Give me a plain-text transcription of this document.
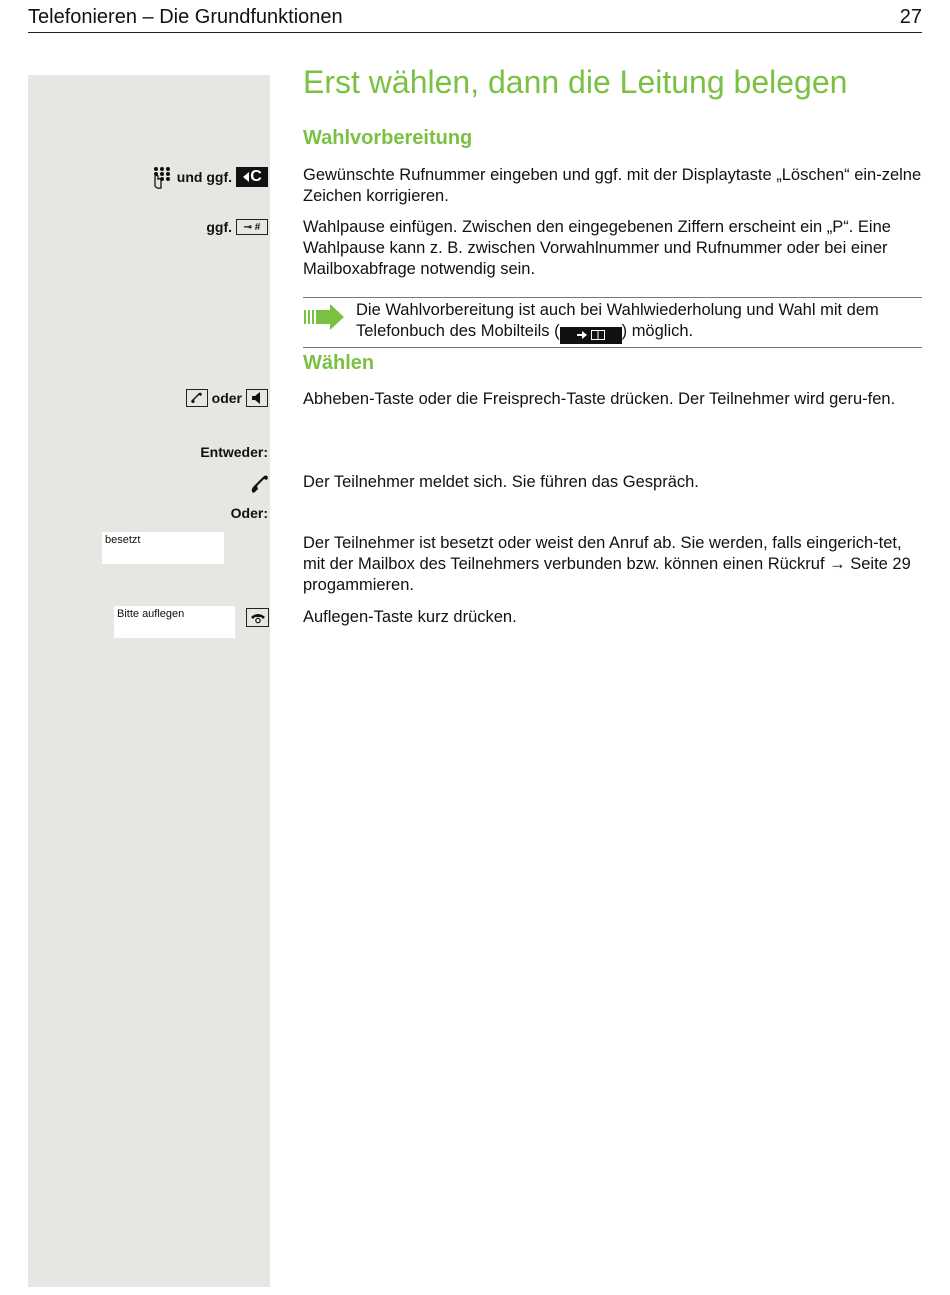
Telefonieren – Die Grundfunktionen	27
Erst wählen, dann die Leitung belegen
Wahlvorbereitung
und ggf. C Gewünschte Rufnummer eingeben und ggf. mit der Displaytaste „Löschen“ ein-zelne Zeichen korrigieren.
ggf. ⊸ #	Wahlpause einfügen. Zwischen den eingegebenen Ziffern erscheint ein „P“. Eine Wahlpause kann z. B. zwischen Vorwahlnummer und Rufnummer oder bei einer Mailboxabfrage notwendig sein.
Die Wahlvorbereitung ist auch bei Wahlwiederholung und Wahl mit dem Telefonbuch des Mobilteils (	) möglich.
Wählen
oder	Abheben-Taste oder die Freisprech-Taste drücken. Der Teilnehmer wird geru-fen.
Entweder:
Der Teilnehmer meldet sich. Sie führen das Gespräch.
Oder:
besetzt	Der Teilnehmer ist besetzt oder weist den Anruf ab. Sie werden, falls eingerich-tet, mit der Mailbox des Teilnehmers verbunden bzw. können einen Rückruf → Seite 29 progammieren.
Bitte auflegen	Auflegen-Taste kurz drücken.
